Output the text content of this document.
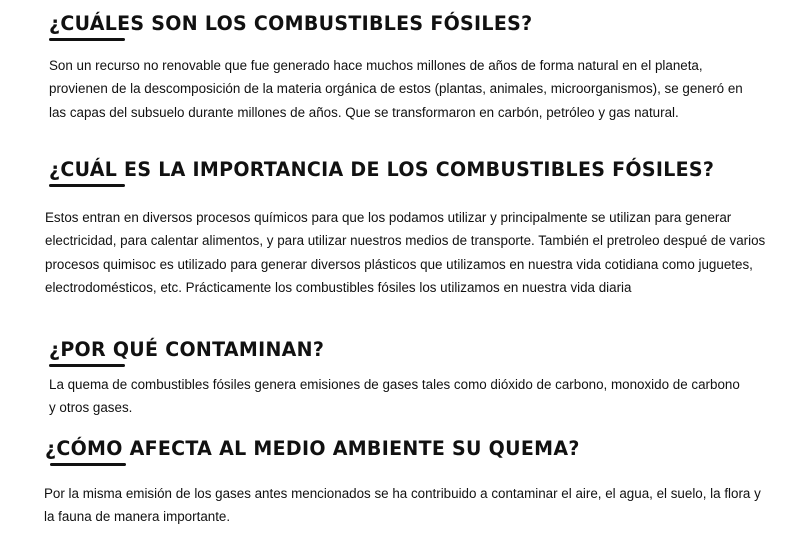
¿CUÁLES SON LOS COMBUSTIBLES FÓSILES?

Son un recurso no renovable que fue generado hace muchos millones de años de forma natural en el planeta, provienen de la descomposición de la materia orgánica de estos (plantas, animales, microorganismos), se generó en las capas del subsuelo durante millones de años. Que se transformaron en carbón, petróleo y gas natural.

¿CUÁL ES LA IMPORTANCIA DE LOS COMBUSTIBLES FÓSILES?

Estos entran en diversos procesos químicos para que los podamos utilizar y principalmente se utilizan para generar electricidad, para calentar alimentos, y para utilizar nuestros medios de transporte. También el pretroleo despué de varios procesos quimisoc es utilizado para generar diversos plásticos que utilizamos en nuestra vida cotidiana como juguetes, electrodomésticos, etc. Prácticamente los combustibles fósiles los utilizamos en nuestra vida diaria

¿POR QUÉ CONTAMINAN?

La quema de combustibles fósiles genera emisiones de gases tales como dióxido de carbono, monoxido de carbono y otros gases.

¿CÓMO AFECTA AL MEDIO AMBIENTE SU QUEMA?

Por la misma emisión de los gases antes mencionados se ha contribuido a contaminar el aire, el agua, el suelo, la flora y la fauna de manera importante.
